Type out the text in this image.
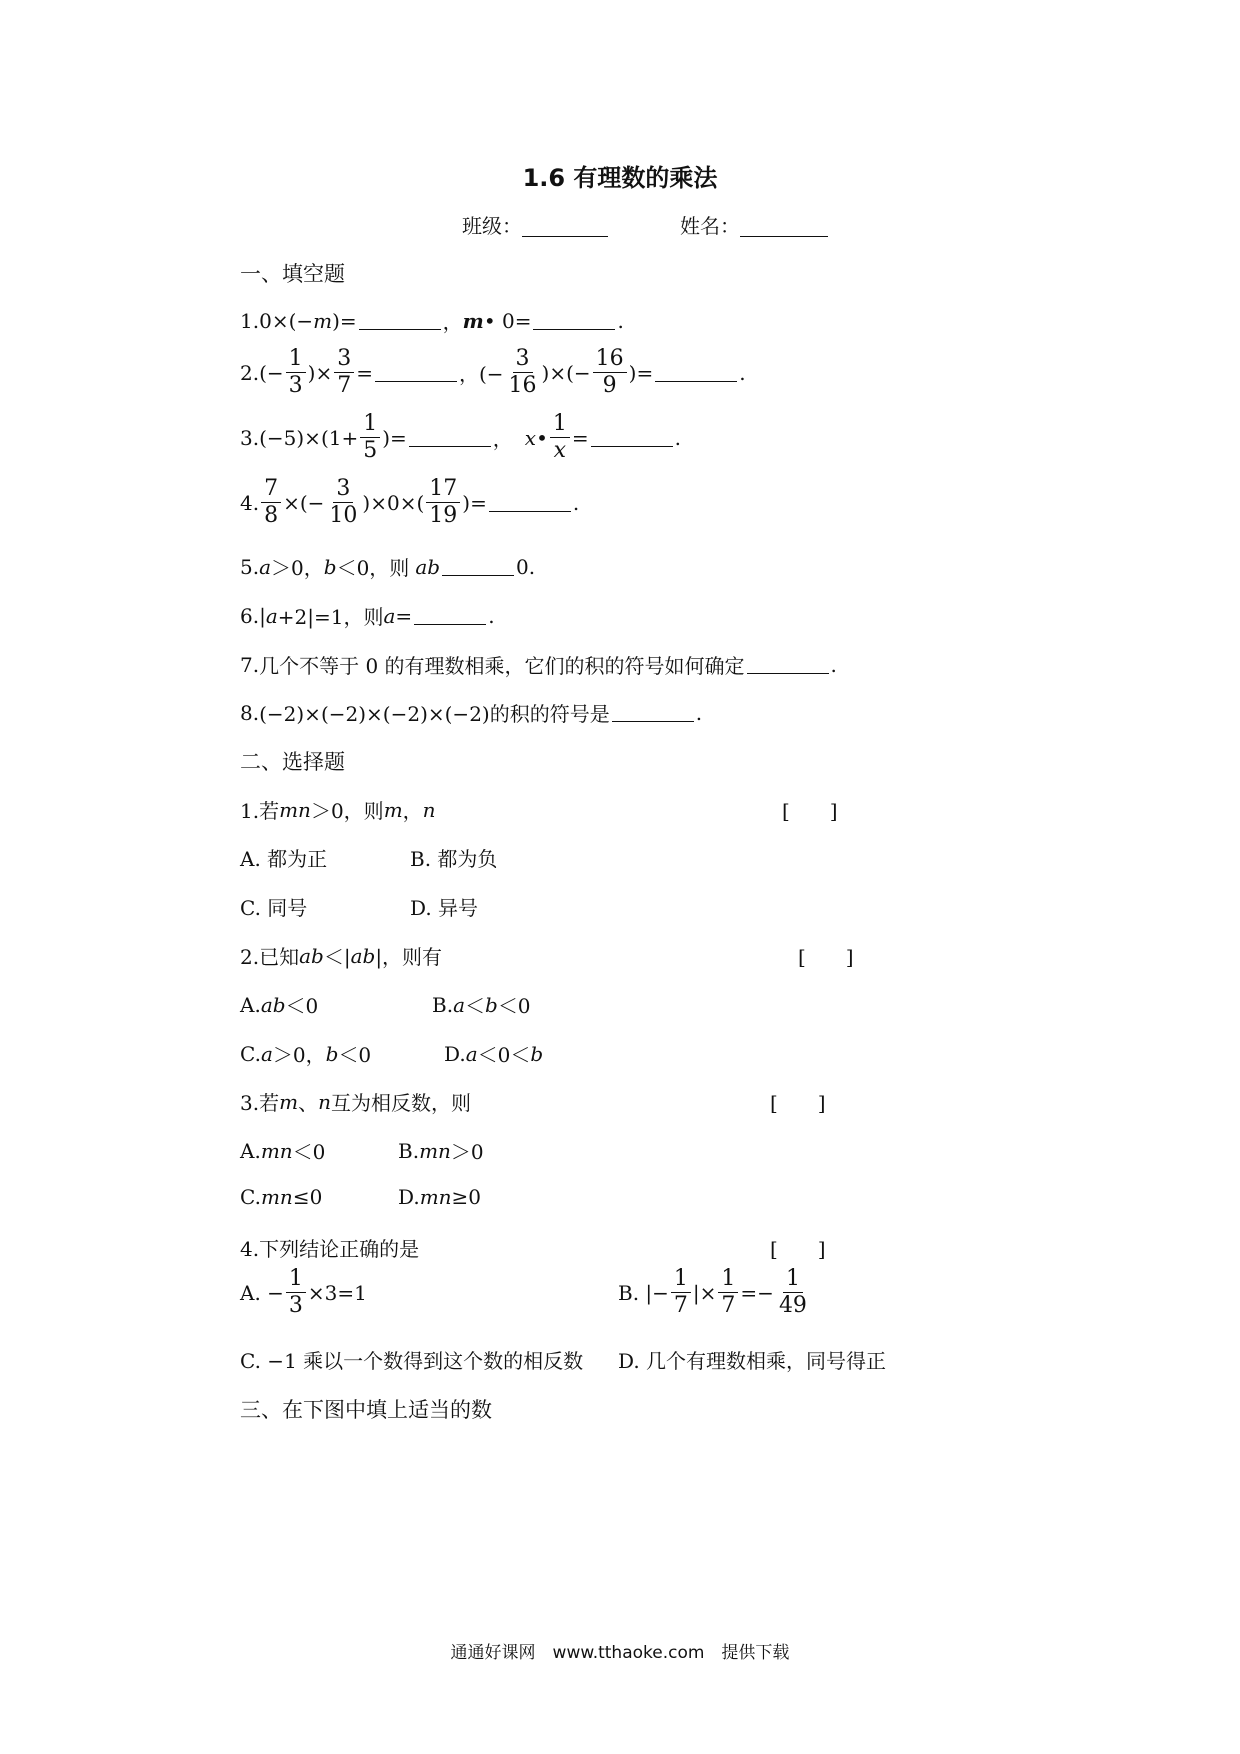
1.6 有理数的乘法
班级：	姓名：
一、填空题
1. 0×(− m )=	， m • 0=	.
2. (− $\frac{1}{3}$ )× $\frac{3}{7}$ =	，(− $\frac{3}{16}$ )×(− $\frac{16}{9}$ )=	.
3. $(-5)\times(1+ \frac{1}{5}$ )=	， x • $\frac{1}{x}$ =	.
4. $\frac{7}{8}$ ×(− $\frac{3}{10} )\times 0\times( \frac{17}{19}$ )=	.
5. a ＞0， b ＜0，则 ab	0.
6. | a +2|=1，则 a =	.
7. 几个不等于 0 的有理数相乘，它们的积的符号如何确定	.
8. (−2)×(−2)×(−2)×(−2)的积的符号是	.
二、选择题
1.若 mn ＞0，则 m ， n	[　　]
A. 都为正	B. 都为负
C. 同号	D. 异号
2.已知 ab ＜| ab |，则有	[　　]
A. ab ＜0	B. a ＜ b ＜0
C. a ＞0， b ＜0	D. a ＜0＜ b
3.若 m 、 n 互为相反数，则	[　　]
A. mn ＜0	B. mn ＞0
C. mn ≤0	D. mn ≥0
4.下列结论正确的是	[　　]
A. − $\frac{1}{3} \times 3=1$	B. |− $\frac{1}{7}$ |× $\frac{1}{7} =- \frac{1}{49}$
C. −1 乘以一个数得到这个数的相反数 D. 几个有理数相乘，同号得正
三、在下图中填上适当的数
通通好课网　www.tthaoke.com　提供下载
